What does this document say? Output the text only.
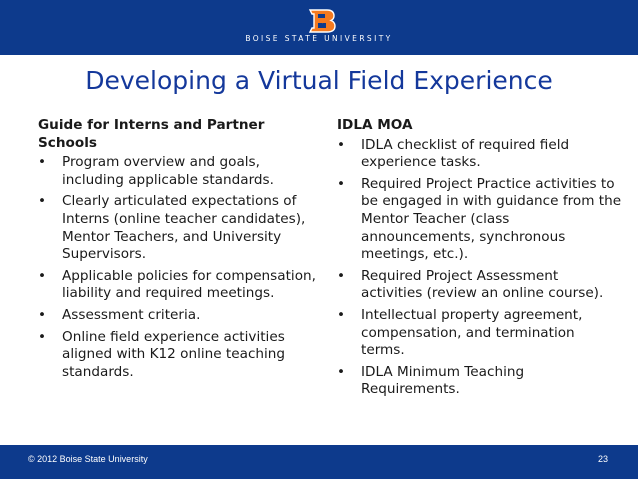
B
BOISE STATE UNIVERSITY
Developing a Virtual Field Experience
Guide for Interns and Partner
Schools
• Program overview and goals, including applicable standards.
• Clearly articulated expectations of Interns (online teacher candidates), Mentor Teachers, and University Supervisors.
• Applicable policies for compensation, liability and required meetings.
• Assessment criteria.
• Online field experience activities aligned with K12 online teaching standards.
IDLA MOA
• IDLA checklist of required field experience tasks.
• Required Project Practice activities to be engaged in with guidance from the Mentor Teacher (class announcements, synchronous meetings, etc.).
• Required Project Assessment activities (review an online course).
• Intellectual property agreement, compensation, and termination terms.
• IDLA Minimum Teaching Requirements.
© 2012 Boise State University	23
